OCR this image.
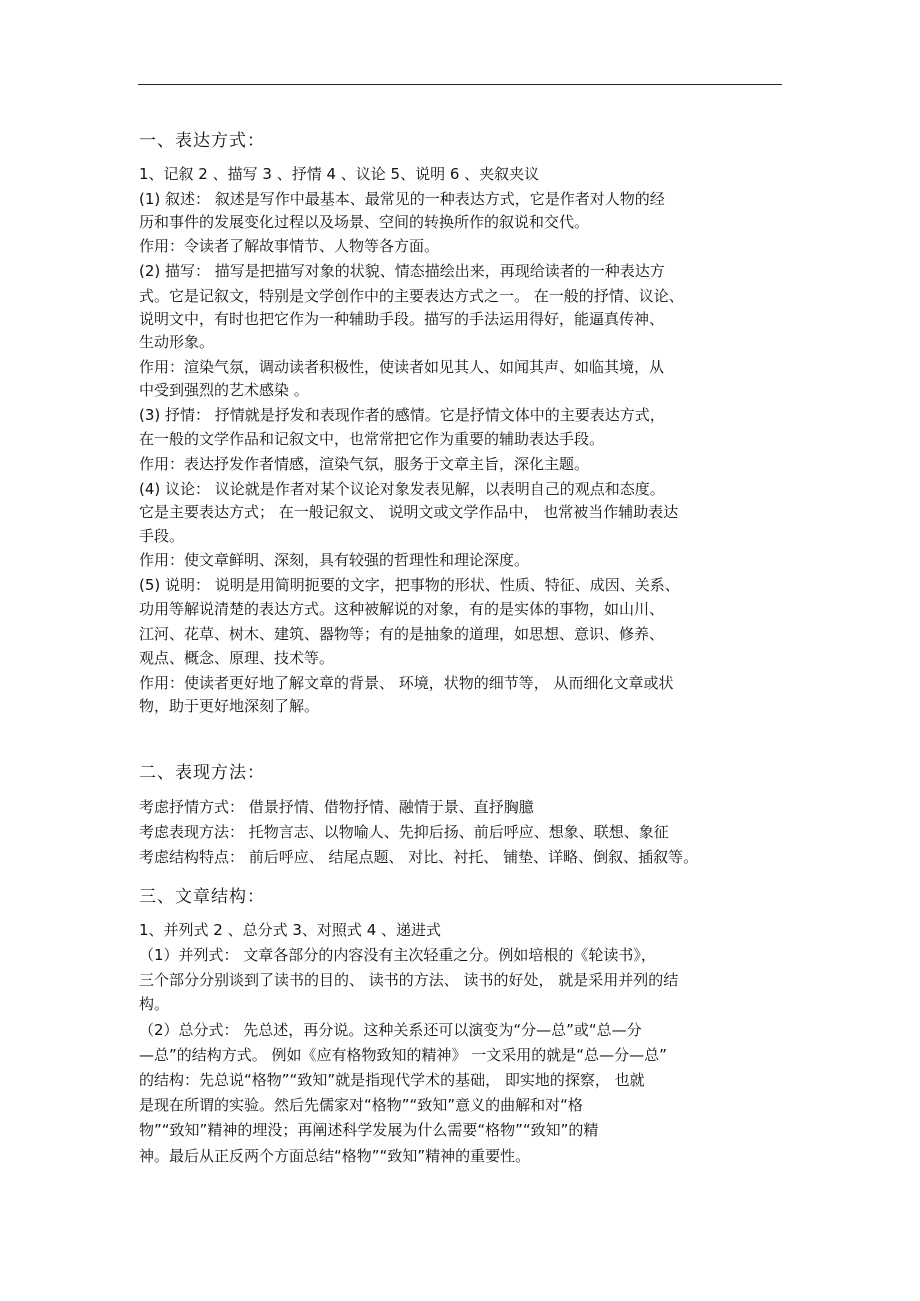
一、表达方式：
1、记叙 2 、描写 3 、抒情 4 、议论 5、说明 6 、夹叙夹议
(1) 叙述： 叙述是写作中最基本、最常见的一种表达方式，它是作者对人物的经
历和事件的发展变化过程以及场景、空间的转换所作的叙说和交代。
作用：令读者了解故事情节、人物等各方面。
(2) 描写： 描写是把描写对象的状貌、情态描绘出来，再现给读者的一种表达方
式。它是记叙文，特别是文学创作中的主要表达方式之一。 在一般的抒情、议论、
说明文中，有时也把它作为一种辅助手段。描写的手法运用得好，能逼真传神、
生动形象。
作用：渲染气氛，调动读者积极性，使读者如见其人、如闻其声、如临其境，从
中受到强烈的艺术感染 。
(3) 抒情： 抒情就是抒发和表现作者的感情。它是抒情文体中的主要表达方式，
在一般的文学作品和记叙文中，也常常把它作为重要的辅助表达手段。
作用：表达抒发作者情感，渲染气氛，服务于文章主旨，深化主题。
(4) 议论： 议论就是作者对某个议论对象发表见解，以表明自己的观点和态度。
它是主要表达方式； 在一般记叙文、 说明文或文学作品中， 也常被当作辅助表达
手段。
作用：使文章鲜明、深刻，具有较强的哲理性和理论深度。
(5) 说明： 说明是用简明扼要的文字，把事物的形状、性质、特征、成因、关系、
功用等解说清楚的表达方式。这种被解说的对象，有的是实体的事物，如山川、
江河、花草、树木、建筑、器物等；有的是抽象的道理，如思想、意识、修养、
观点、概念、原理、技术等。
作用：使读者更好地了解文章的背景、 环境，状物的细节等， 从而细化文章或状
物，助于更好地深刻了解。
二、表现方法：
考虑抒情方式： 借景抒情、借物抒情、融情于景、直抒胸臆
考虑表现方法： 托物言志、以物喻人、先抑后扬、前后呼应、想象、联想、象征
考虑结构特点： 前后呼应、 结尾点题、 对比、衬托、 铺垫、详略、倒叙、插叙等。
三、文章结构：
1、并列式 2 、总分式 3、对照式 4 、递进式
（1）并列式： 文章各部分的内容没有主次轻重之分。例如培根的《轮读书》，
三个部分分别谈到了读书的目的、 读书的方法、 读书的好处， 就是采用并列的结
构。
（2）总分式： 先总述，再分说。这种关系还可以演变为“分—总”或“总—分
—总”的结构方式。 例如《应有格物致知的精神》 一文采用的就是“总—分—总”
的结构：先总说“格物”“致知”就是指现代学术的基础， 即实地的探察， 也就
是现在所谓的实验。然后先儒家对“格物”“致知”意义的曲解和对“格
物”“致知”精神的埋没；再阐述科学发展为什么需要“格物”“致知”的精
神。最后从正反两个方面总结“格物”“致知”精神的重要性。
